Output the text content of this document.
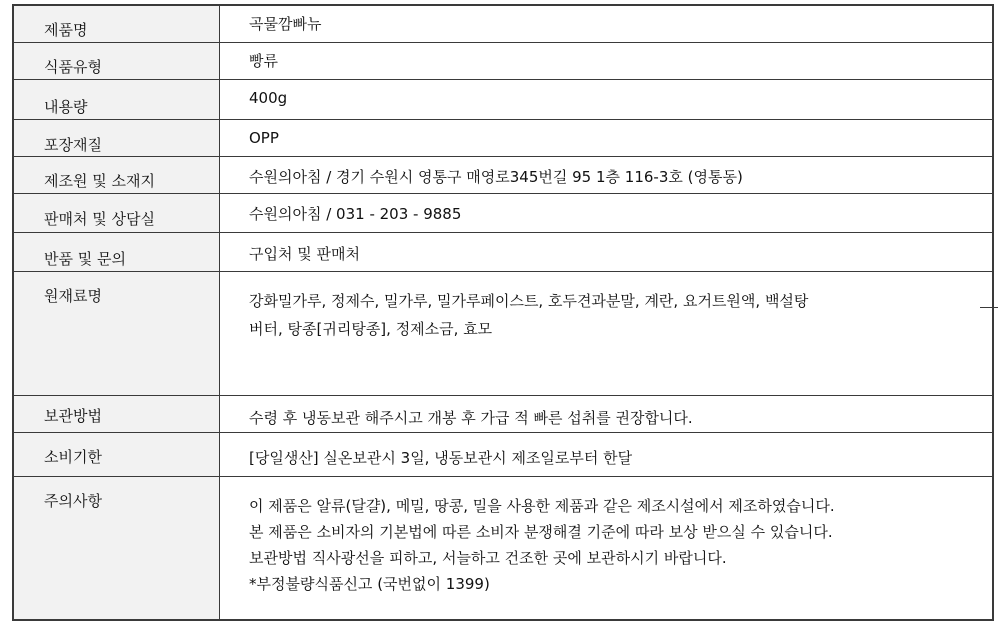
제품명	곡물깜빠뉴
식품유형	빵류
내용량	400g
포장재질	OPP
제조원 및 소재지	수원의아침 / 경기 수원시 영통구 매영로345번길 95 1층 116-3호 (영통동)
판매처 및 상담실	수원의아침 / 031 - 203 - 9885
반품 및 문의	구입처 및 판매처
원재료명	강화밀가루, 정제수, 밀가루, 밀가루페이스트, 호두견과분말, 계란, 요거트원액, 백설탕
버터, 탕종[귀리탕종], 정제소금, 효모
보관방법	수령 후 냉동보관 해주시고 개봉 후 가급 적 빠른 섭취를 권장합니다.
소비기한	[당일생산] 실온보관시 3일, 냉동보관시 제조일로부터 한달
주의사항	이 제품은 알류(달걀), 메밀, 땅콩, 밀을 사용한 제품과 같은 제조시설에서 제조하였습니다.
본 제품은 소비자의 기본법에 따른 소비자 분쟁해결 기준에 따라 보상 받으실 수 있습니다.
보관방법 직사광선을 피하고, 서늘하고 건조한 곳에 보관하시기 바랍니다.
*부정불량식품신고 (국번없이 1399)
